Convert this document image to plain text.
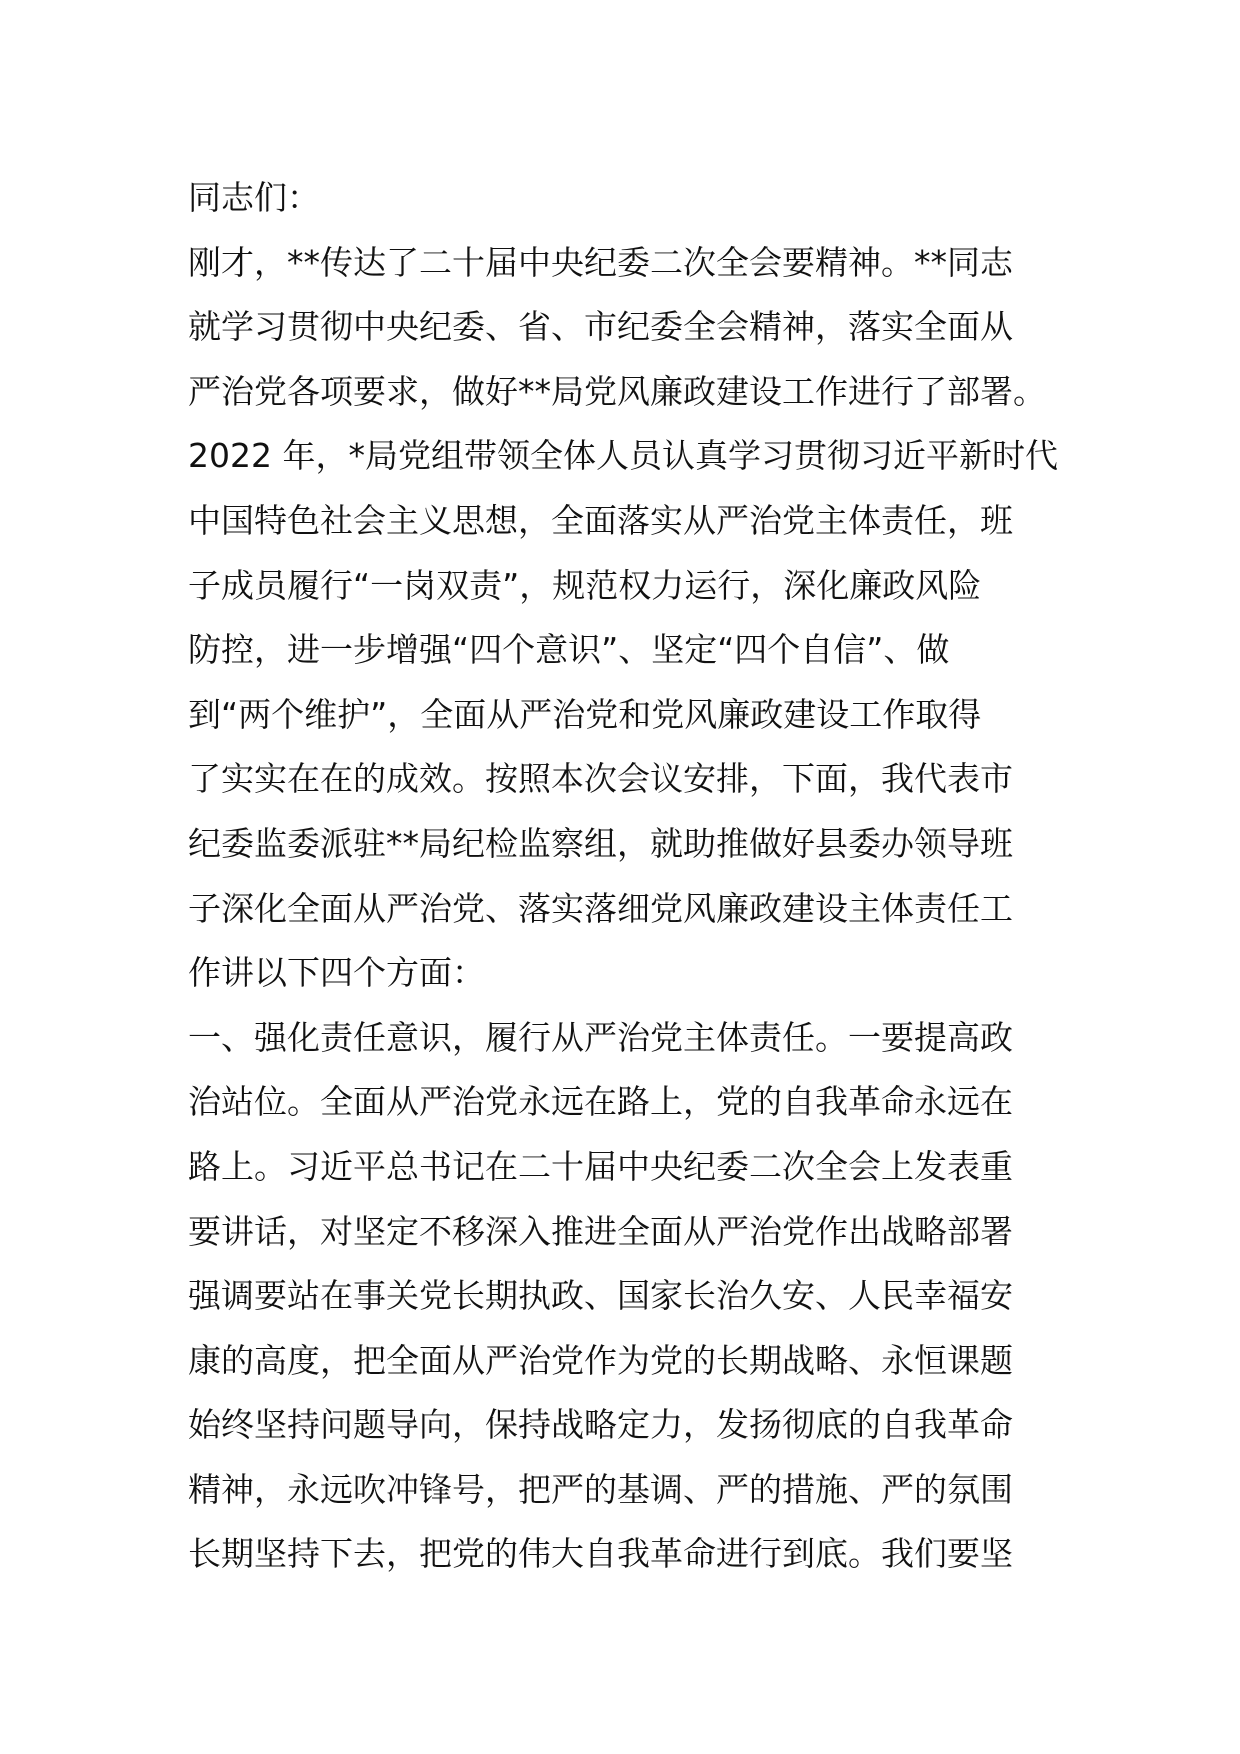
同志们：
刚才，**传达了二十届中央纪委二次全会要精神。**同志
就学习贯彻中央纪委、省、市纪委全会精神，落实全面从
严治党各项要求，做好**局党风廉政建设工作进行了部署。
2022 年，*局党组带领全体人员认真学习贯彻习近平新时代
中国特色社会主义思想，全面落实从严治党主体责任，班
子成员履行“一岗双责”，规范权力运行，深化廉政风险
防控，进一步增强“四个意识”、坚定“四个自信”、做
到“两个维护”，全面从严治党和党风廉政建设工作取得
了实实在在的成效。按照本次会议安排，下面，我代表市
纪委监委派驻**局纪检监察组，就助推做好县委办领导班
子深化全面从严治党、落实落细党风廉政建设主体责任工
作讲以下四个方面：
一、强化责任意识，履行从严治党主体责任。一要提高政
治站位。全面从严治党永远在路上，党的自我革命永远在
路上。习近平总书记在二十届中央纪委二次全会上发表重
要讲话，对坚定不移深入推进全面从严治党作出战略部署
强调要站在事关党长期执政、国家长治久安、人民幸福安
康的高度，把全面从严治党作为党的长期战略、永恒课题
始终坚持问题导向，保持战略定力，发扬彻底的自我革命
精神，永远吹冲锋号，把严的基调、严的措施、严的氛围
长期坚持下去，把党的伟大自我革命进行到底。我们要坚
